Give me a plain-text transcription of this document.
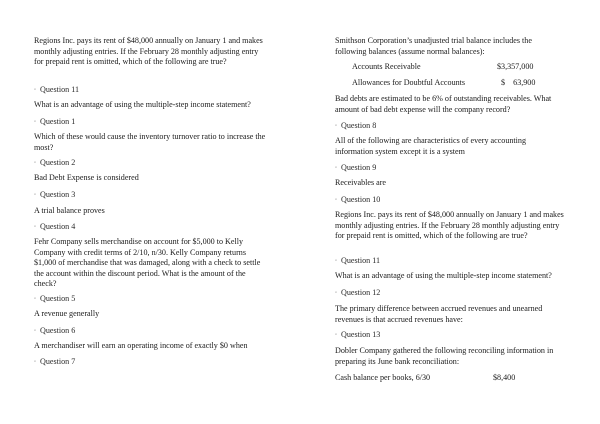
Regions Inc. pays its rent of $48,000 annually on January 1 and makes monthly adjusting entries. If the February 28 monthly adjusting entry for prepaid rent is omitted, which of the following are true?

◦ Question 11

What is an advantage of using the multiple-step income statement?

◦ Question 1

Which of these would cause the inventory turnover ratio to increase the most?

◦ Question 2

Bad Debt Expense is considered

◦ Question 3

A trial balance proves

◦ Question 4

Fehr Company sells merchandise on account for $5,000 to Kelly Company with credit terms of 2/10, n/30. Kelly Company returns $1,000 of merchandise that was damaged, along with a check to settle the account within the discount period. What is the amount of the check?

◦ Question 5

A revenue generally

◦ Question 6

A merchandiser will earn an operating income of exactly $0 when

◦ Question 7

Smithson Corporation’s unadjusted trial balance includes the following balances (assume normal balances):

Accounts Receivable	$3,357,000
Allowances for Doubtful Accounts	$    63,900

Bad debts are estimated to be 6% of outstanding receivables. What amount of bad debt expense will the company record?

◦ Question 8

All of the following are characteristics of every accounting information system except it is a system

◦ Question 9

Receivables are

◦ Question 10

Regions Inc. pays its rent of $48,000 annually on January 1 and makes monthly adjusting entries. If the February 28 monthly adjusting entry for prepaid rent is omitted, which of the following are true?

◦ Question 11

What is an advantage of using the multiple-step income statement?

◦ Question 12

The primary difference between accrued revenues and unearned revenues is that accrued revenues have:

◦ Question 13

Dobler Company gathered the following reconciling information in preparing its June bank reconciliation:

Cash balance per books, 6/30	$8,400
